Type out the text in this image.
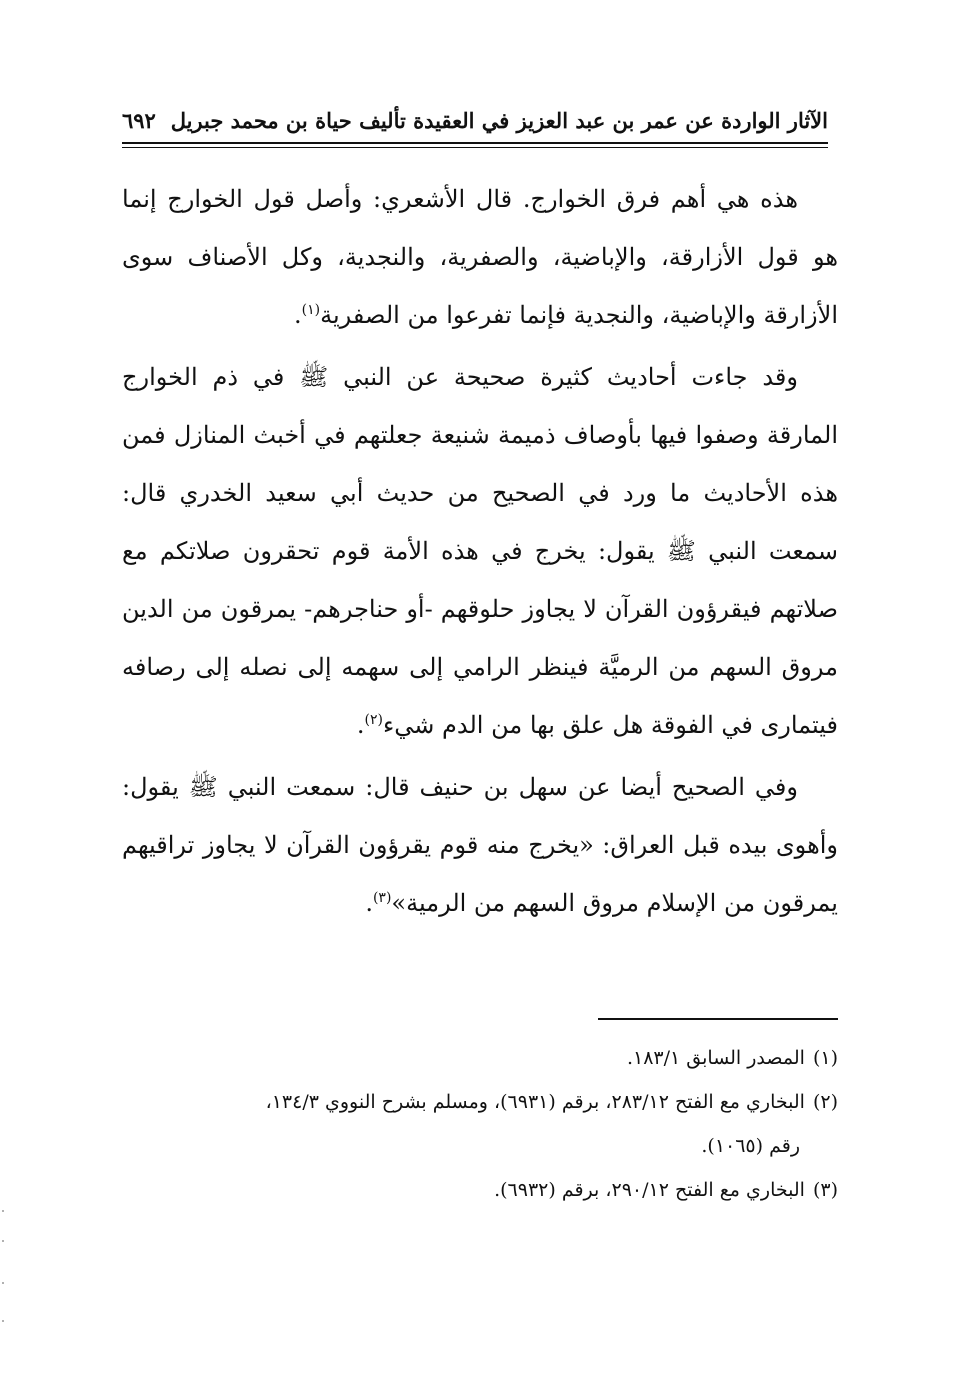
الآثار الواردة عن عمر بن عبد العزيز في العقيدة تأليف حياة بن محمد جبريل
٦٩٢

هذه هي أهم فرق الخوارج. قال الأشعري: وأصل قول الخوارج إنما هو قول الأزارقة، والإباضية، والصفرية، والنجدية، وكل الأصناف سوى الأزارقة والإباضية، والنجدية فإنما تفرعوا من الصفرية$^{(١)}$.

وقد جاءت أحاديث كثيرة صحيحة عن النبي ﷺ في ذم الخوارج المارقة وصفوا فيها بأوصاف ذميمة شنيعة جعلتهم في أخبث المنازل فمن هذه الأحاديث ما ورد في الصحيح من حديث أبي سعيد الخدري قال: سمعت النبي ﷺ يقول: يخرج في هذه الأمة قوم تحقرون صلاتكم مع صلاتهم فيقرؤون القرآن لا يجاوز حلوقهم -أو حناجرهم- يمرقون من الدين مروق السهم من الرميَّة فينظر الرامي إلى سهمه إلى نصله إلى رصافه فيتمارى في الفوقة هل علق بها من الدم شيء$^{(٢)}$.

وفي الصحيح أيضا عن سهل بن حنيف قال: سمعت النبي ﷺ يقول: وأهوى بيده قبل العراق: «يخرج منه قوم يقرؤون القرآن لا يجاوز تراقيهم يمرقون من الإسلام مروق السهم من الرمية»$^{(٣)}$.

(١)المصدر السابق ١٨٣/١.
(٢)البخاري مع الفتح ٢٨٣/١٢، برقم (٦٩٣١)، ومسلم بشرح النووي ١٣٤/٣،
رقم (١٠٦٥).
(٣)البخاري مع الفتح ٢٩٠/١٢، برقم (٦٩٣٢).
